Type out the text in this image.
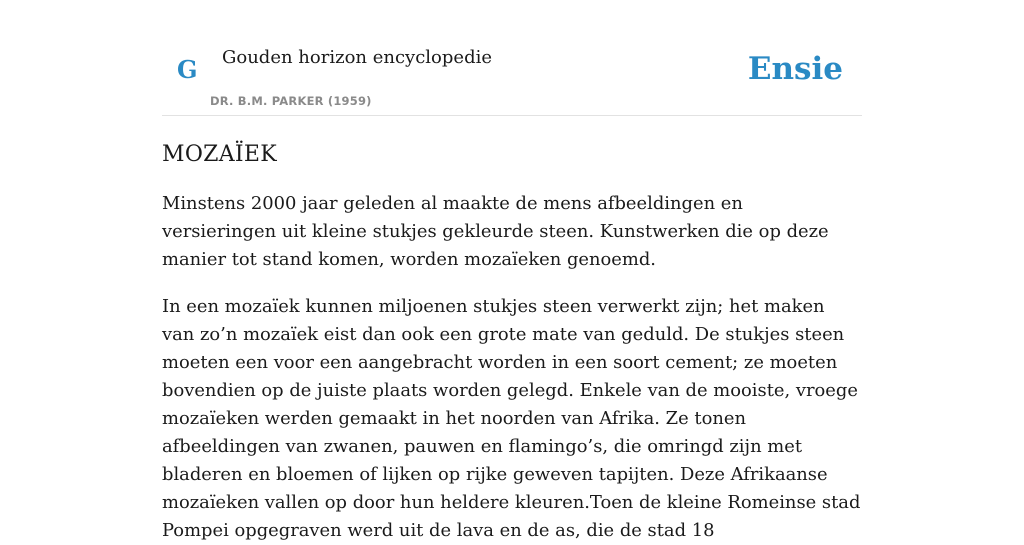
G Gouden horizon encyclopedie
DR. B.M. PARKER (1959)
Ensie
MOZAÏEK

Minstens 2000 jaar geleden al maakte de mens afbeeldingen en versieringen uit kleine stukjes gekleurde steen. Kunstwerken die op deze manier tot stand komen, worden mozaïeken genoemd.

In een mozaïek kunnen miljoenen stukjes steen verwerkt zijn; het maken van zo’n mozaïek eist dan ook een grote mate van geduld. De stukjes steen moeten een voor een aangebracht worden in een soort cement; ze moeten bovendien op de juiste plaats worden gelegd. Enkele van de mooiste, vroege mozaïeken werden gemaakt in het noorden van Afrika. Ze tonen afbeeldingen van zwanen, pauwen en flamingo’s, die omringd zijn met bladeren en bloemen of lijken op rijke geweven tapijten. Deze Afrikaanse mozaïeken vallen op door hun heldere kleuren.Toen de kleine Romeinse stad Pompei opgegraven werd uit de lava en de as, die de stad 18
